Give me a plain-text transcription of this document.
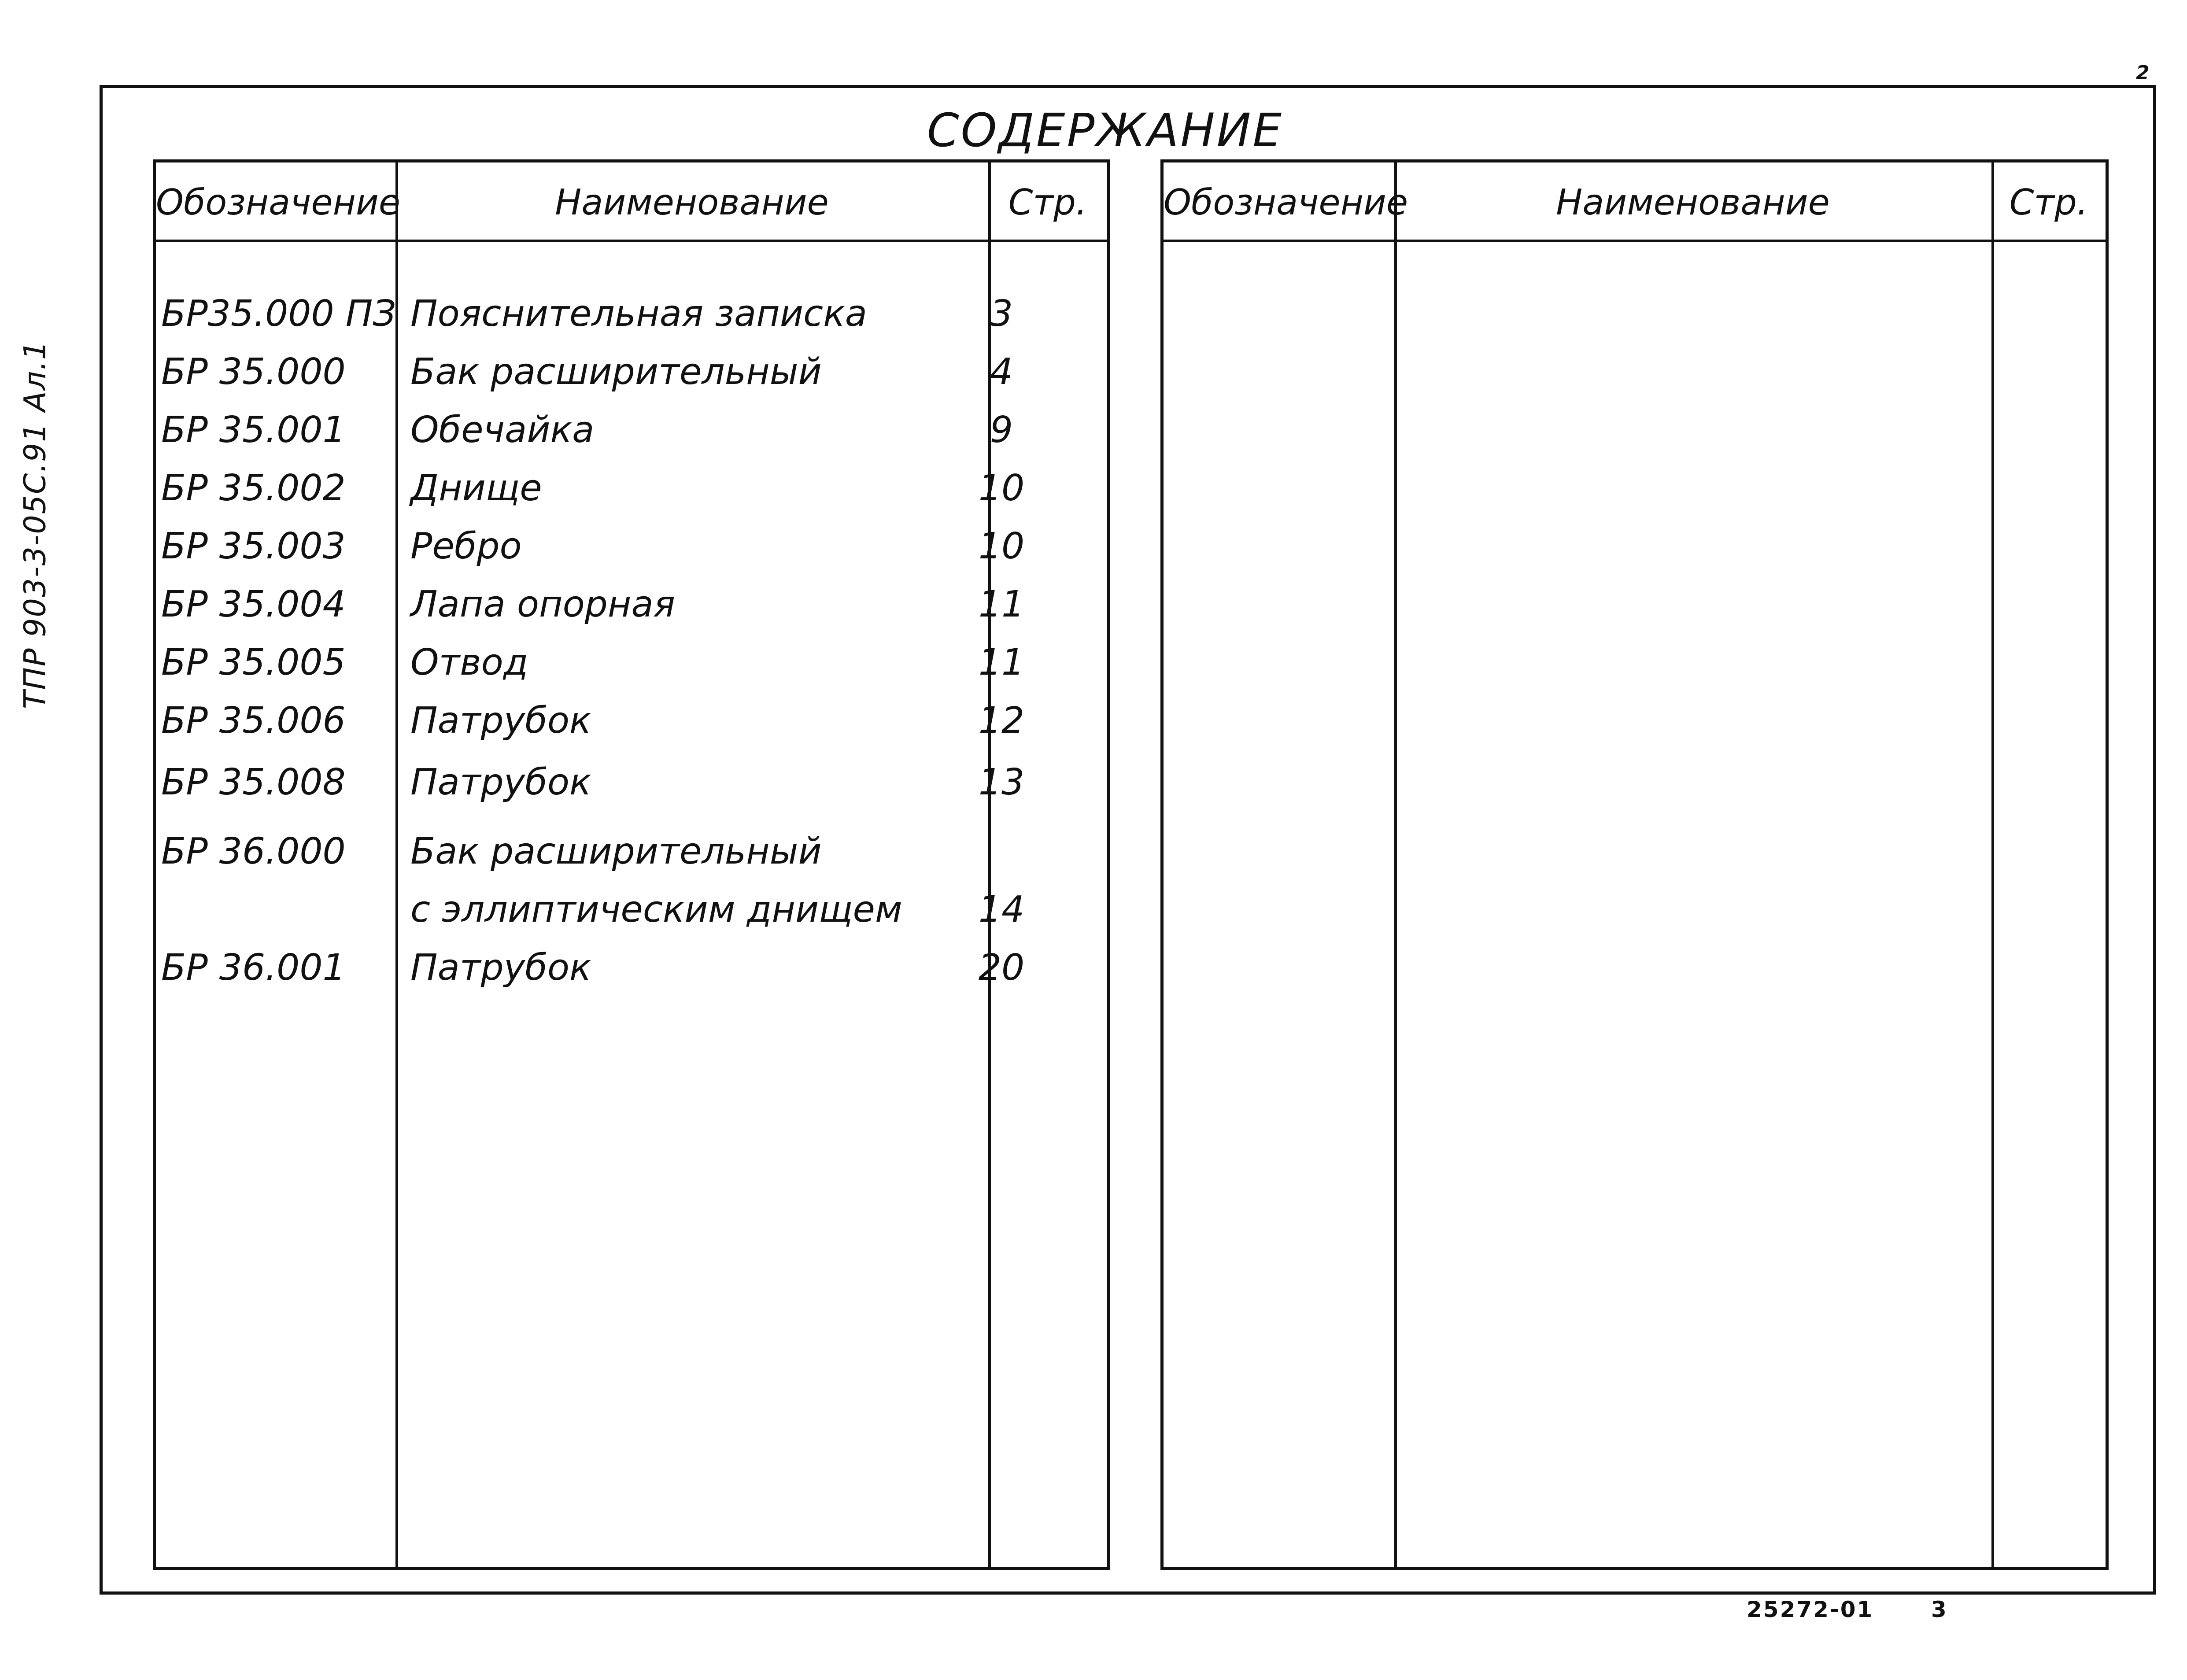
2
ТПР 903-3-05С.91 Ал.1
СОДЕРЖАНИЕ
Обозначение	Наименование	Стр.
БР35.000 ПЗ Пояснительная записка	3
БР 35.000	Бак расширительный	4
БР 35.001	Обечайка	9
БР 35.002	Днище	10
БР 35.003	Ребро	10
БР 35.004	Лапа опорная	11
БР 35.005	Отвод	11
БР 35.006	Патрубок	12
БР 35.008	Патрубок	13
БР 36.000	Бак расширительный
с эллиптическим днищем	14
БР 36.001	Патрубок	20
Обозначение	Наименование	Стр.
25272-01	3
